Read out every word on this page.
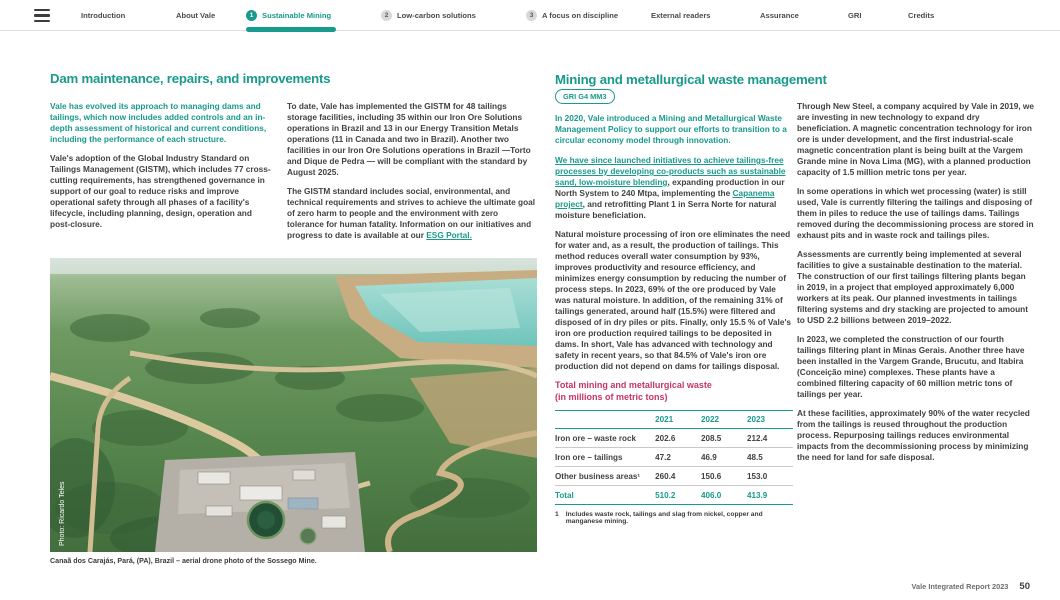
Introduction	About Vale	1	Sustainable Mining	2	Low-carbon solutions	3	A focus on discipline	External readers	Assurance	GRI	Credits
Dam maintenance, repairs, and improvements

Vale has evolved its approach to managing dams and tailings, which now includes added controls and an in-depth assessment of historical and current conditions, including the performance of each structure.

Vale's adoption of the Global Industry Standard on Tailings Management (GISTM), which includes 77 cross-cutting requirements, has strengthened governance in support of our goal to reduce risks and improve operational safety through all phases of a facility's lifecycle, including planning, design, operation and post-closure.

To date, Vale has implemented the GISTM for 48 tailings storage facilities, including 35 within our Iron Ore Solutions operations in Brazil and 13 in our Energy Transition Metals operations (11 in Canada and two in Brazil). Another two facilities in our Iron Ore Solutions operations in Brazil —Torto and Dique de Pedra — will be compliant with the standard by August 2025.

The GISTM standard includes social, environmental, and technical requirements and strives to achieve the ultimate goal of zero harm to people and the environment with zero tolerance for human fatality. Information on our initiatives and progress to date is available at our ESG Portal.

Photo: Ricardo Teles
Canaã dos Carajás, Pará, (PA), Brazil – aerial drone photo of the Sossego Mine.
Mining and metallurgical waste management
GRI G4 MM3

In 2020, Vale introduced a Mining and Metallurgical Waste Management Policy to support our efforts to transition to a circular economy model through innovation.

We have since launched initiatives to achieve tailings-free processes by developing co-products such as sustainable sand, low-moisture blending, expanding production in our North System to 240 Mtpa, implementing the Capanema project, and retrofitting Plant 1 in Serra Norte for natural moisture beneficiation.

Natural moisture processing of iron ore eliminates the need for water and, as a result, the production of tailings. This method reduces overall water consumption by 93%, improves productivity and resource efficiency, and minimizes energy consumption by reducing the number of process steps. In 2023, 69% of the ore produced by Vale was natural moisture. In addition, of the remaining 31% of tailings generated, around half (15.5%) were filtered and disposed of in dry piles or pits. Finally, only 15.5 % of Vale's iron ore production required tailings to be deposited in dams. In short, Vale has advanced with technology and safety in recent years, so that 84.5% of Vale's iron ore production did not depend on dams for tailings disposal.

Total mining and metallurgical waste
(in millions of metric tons)
	2021	2022	2023
Iron ore – waste rock	202.6	208.5	212.4
Iron ore – tailings	47.2	46.9	48.5
Other business areas¹	260.4	150.6	153.0
Total	510.2	406.0	413.9
1 Includes waste rock, tailings and slag from nickel, copper and manganese mining.

Through New Steel, a company acquired by Vale in 2019, we are investing in new technology to expand dry beneficiation. A magnetic concentration technology for iron ore is under development, and the first industrial-scale magnetic concentration plant is being built at the Vargem Grande mine in Nova Lima (MG), with a planned production capacity of 1.5 million metric tons per year.

In some operations in which wet processing (water) is still used, Vale is currently filtering the tailings and disposing of them in piles to reduce the use of tailings dams. Tailings removed during the decommissioning process are stored in exhaust pits and in waste rock and tailings piles.

Assessments are currently being implemented at several facilities to give a sustainable destination to the material. The construction of our first tailings filtering plants began in 2019, in a project that employed approximately 6,000 workers at its peak. Our planned investments in tailings filtering systems and dry stacking are projected to amount to USD 2.2 billions between 2019–2022.

In 2023, we completed the construction of our fourth tailings filtering plant in Minas Gerais. Another three have been installed in the Vargem Grande, Brucutu, and Itabira (Conceição mine) complexes. These plants have a combined filtering capacity of 60 million metric tons of tailings per year.

At these facilities, approximately 90% of the water recycled from the tailings is reused throughout the production process. Repurposing tailings reduces environmental impacts from the decommissioning process by minimizing the need for land for safe disposal.

Vale Integrated Report 2023 50
